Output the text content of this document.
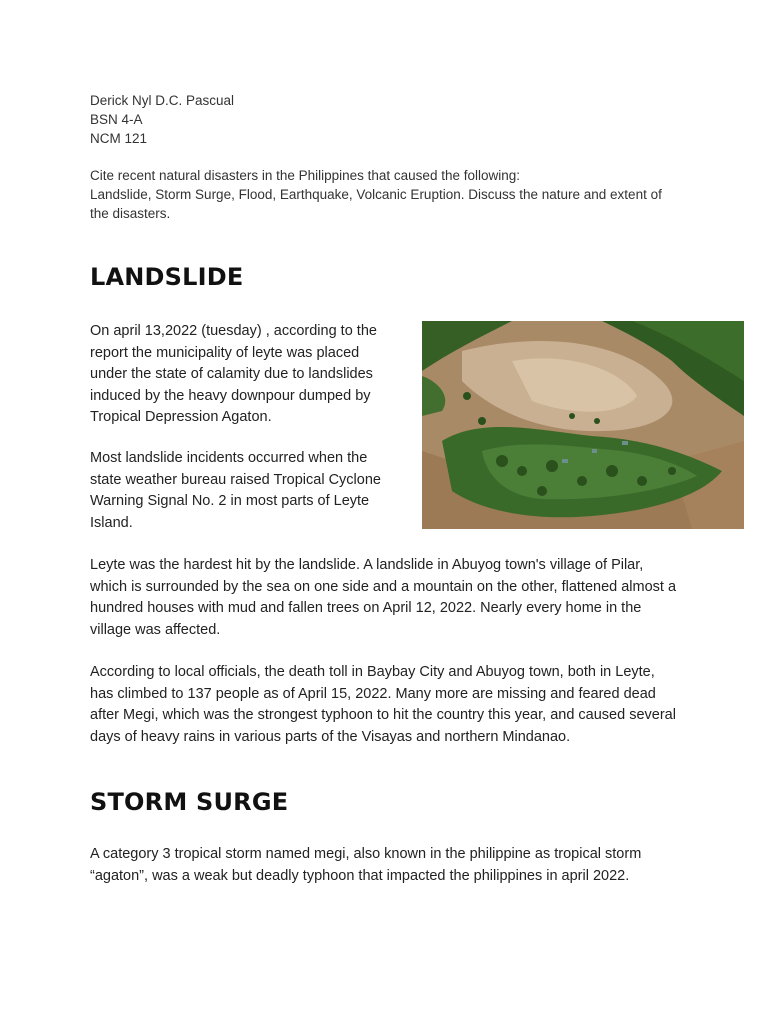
Derick Nyl D.C. Pascual

BSN 4-A

NCM 121

Cite recent natural disasters in the Philippines that caused the following:
Landslide, Storm Surge, Flood, Earthquake, Volcanic Eruption. Discuss the nature and extent of the disasters.
LANDSLIDE

On april 13,2022 (tuesday) , according to the report the municipality of leyte was placed under the state of calamity due to landslides induced by the heavy downpour dumped by Tropical Depression Agaton.

Most landslide incidents occurred when the state weather bureau raised Tropical Cyclone Warning Signal No. 2 in most parts of Leyte Island.

Leyte was the hardest hit by the landslide. A landslide in Abuyog town's village of Pilar, which is surrounded by the sea on one side and a mountain on the other, flattened almost a hundred houses with mud and fallen trees on April 12, 2022. Nearly every home in the village was affected.

According to local officials, the death toll in Baybay City and Abuyog town, both in Leyte, has climbed to 137 people as of April 15, 2022. Many more are missing and feared dead after Megi, which was the strongest typhoon to hit the country this year, and caused several days of heavy rains in various parts of the Visayas and northern Mindanao.

STORM SURGE

A category 3 tropical storm named megi, also known in the philippine as tropical storm “agaton”, was a weak but deadly typhoon that impacted the philippines in april 2022.
